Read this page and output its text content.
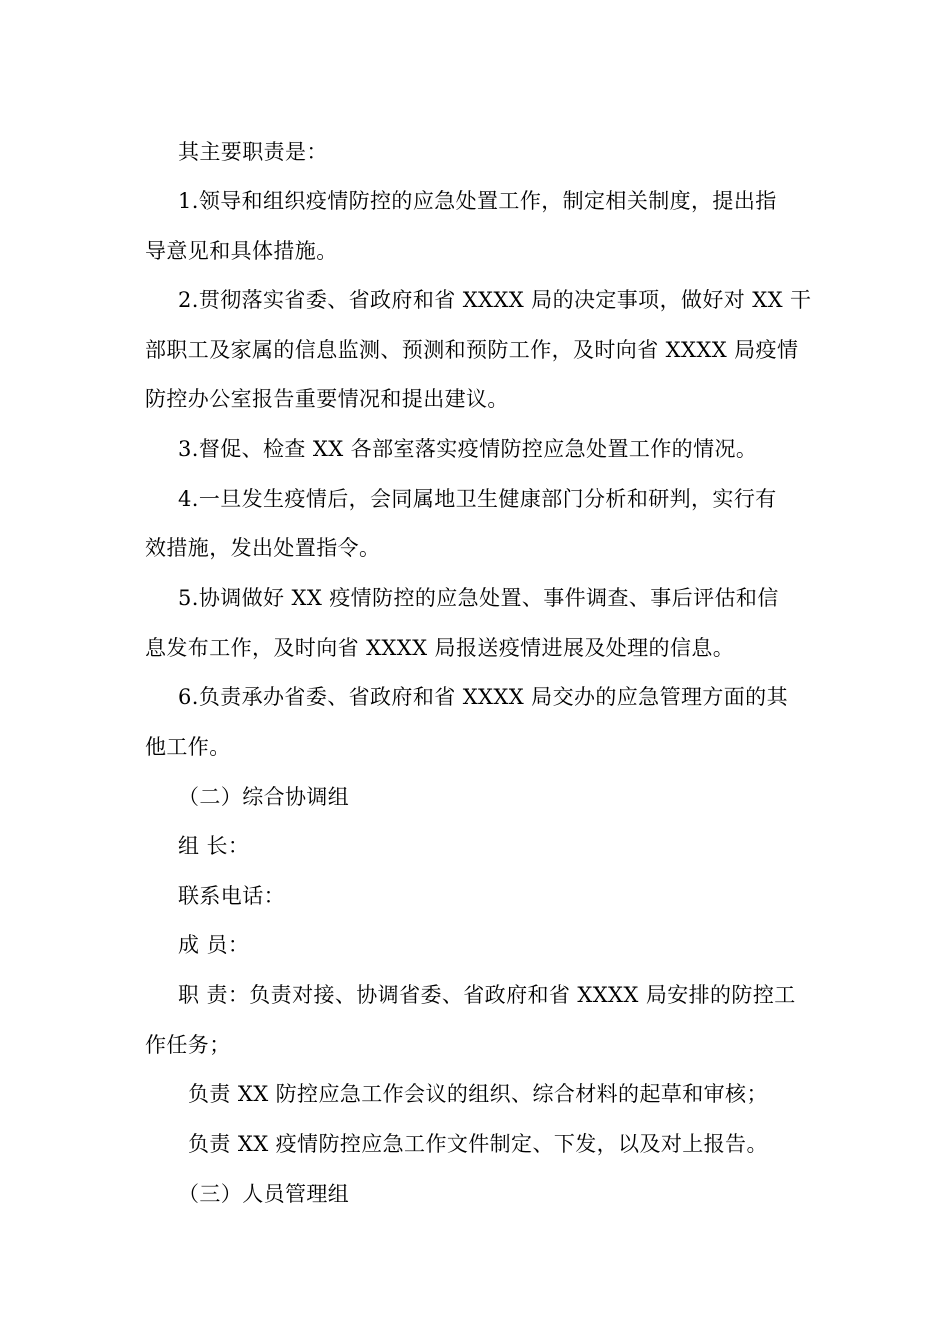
其主要职责是：
1.领导和组织疫情防控的应急处置工作，制定相关制度，提出指
导意见和具体措施。
2.贯彻落实省委、省政府和省 XXXX 局的决定事项，做好对 XX 干
部职工及家属的信息监测、预测和预防工作，及时向省 XXXX 局疫情
防控办公室报告重要情况和提出建议。
3.督促、检查 XX 各部室落实疫情防控应急处置工作的情况。
4.一旦发生疫情后，会同属地卫生健康部门分析和研判，实行有
效措施，发出处置指令。
5.协调做好 XX 疫情防控的应急处置、事件调查、事后评估和信
息发布工作，及时向省 XXXX 局报送疫情进展及处理的信息。
6.负责承办省委、省政府和省 XXXX 局交办的应急管理方面的其
他工作。
（二）综合协调组
组 长：
联系电话：
成 员：
职 责：负责对接、协调省委、省政府和省 XXXX 局安排的防控工
作任务；
负责 XX 防控应急工作会议的组织、综合材料的起草和审核；
负责 XX 疫情防控应急工作文件制定、下发，以及对上报告。
（三）人员管理组
